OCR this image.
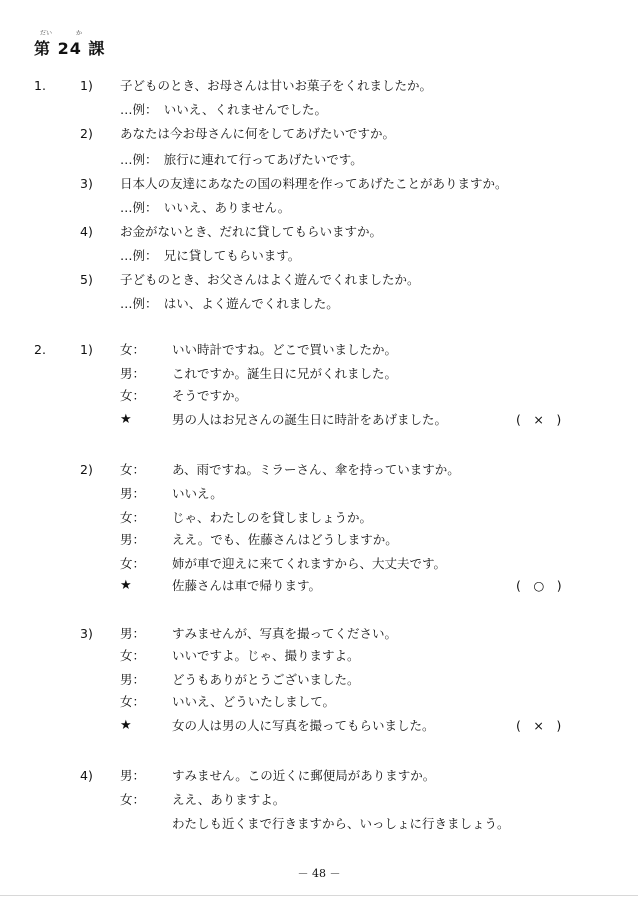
だい　　　　か
第 24 課
1.	1) 子どものとき、お母さんは甘いお菓子をくれましたか。
…例：　いいえ、くれませんでした。
2) あなたは今お母さんに何をしてあげたいですか。
…例：　旅行に連れて行ってあげたいです。
3) 日本人の友達にあなたの国の料理を作ってあげたことがありますか。
…例：　いいえ、ありません。
4) お金がないとき、だれに貸してもらいますか。
…例：　兄に貸してもらいます。
5) 子どものとき、お父さんはよく遊んでくれましたか。
…例：　はい、よく遊んでくれました。
2.	1) 女： いい時計ですね。どこで買いましたか。
男： これですか。誕生日に兄がくれました。
女： そうですか。
★	男の人はお兄さんの誕生日に時計をあげました。	(　×　)
2) 女： あ、雨ですね。ミラーさん、傘を持っていますか。
男： いいえ。
女： じゃ、わたしのを貸しましょうか。
男： ええ。でも、佐藤さんはどうしますか。
女： 姉が車で迎えに来てくれますから、大丈夫です。
★	佐藤さんは車で帰ります。	(　○　)
3) 男： すみませんが、写真を撮ってください。
女： いいですよ。じゃ、撮りますよ。
男： どうもありがとうございました。
女： いいえ、どういたしまして。
★	女の人は男の人に写真を撮ってもらいました。	(　×　)
4) 男： すみません。この近くに郵便局がありますか。
女： ええ、ありますよ。
わたしも近くまで行きますから、いっしょに行きましょう。
－ 48 －
